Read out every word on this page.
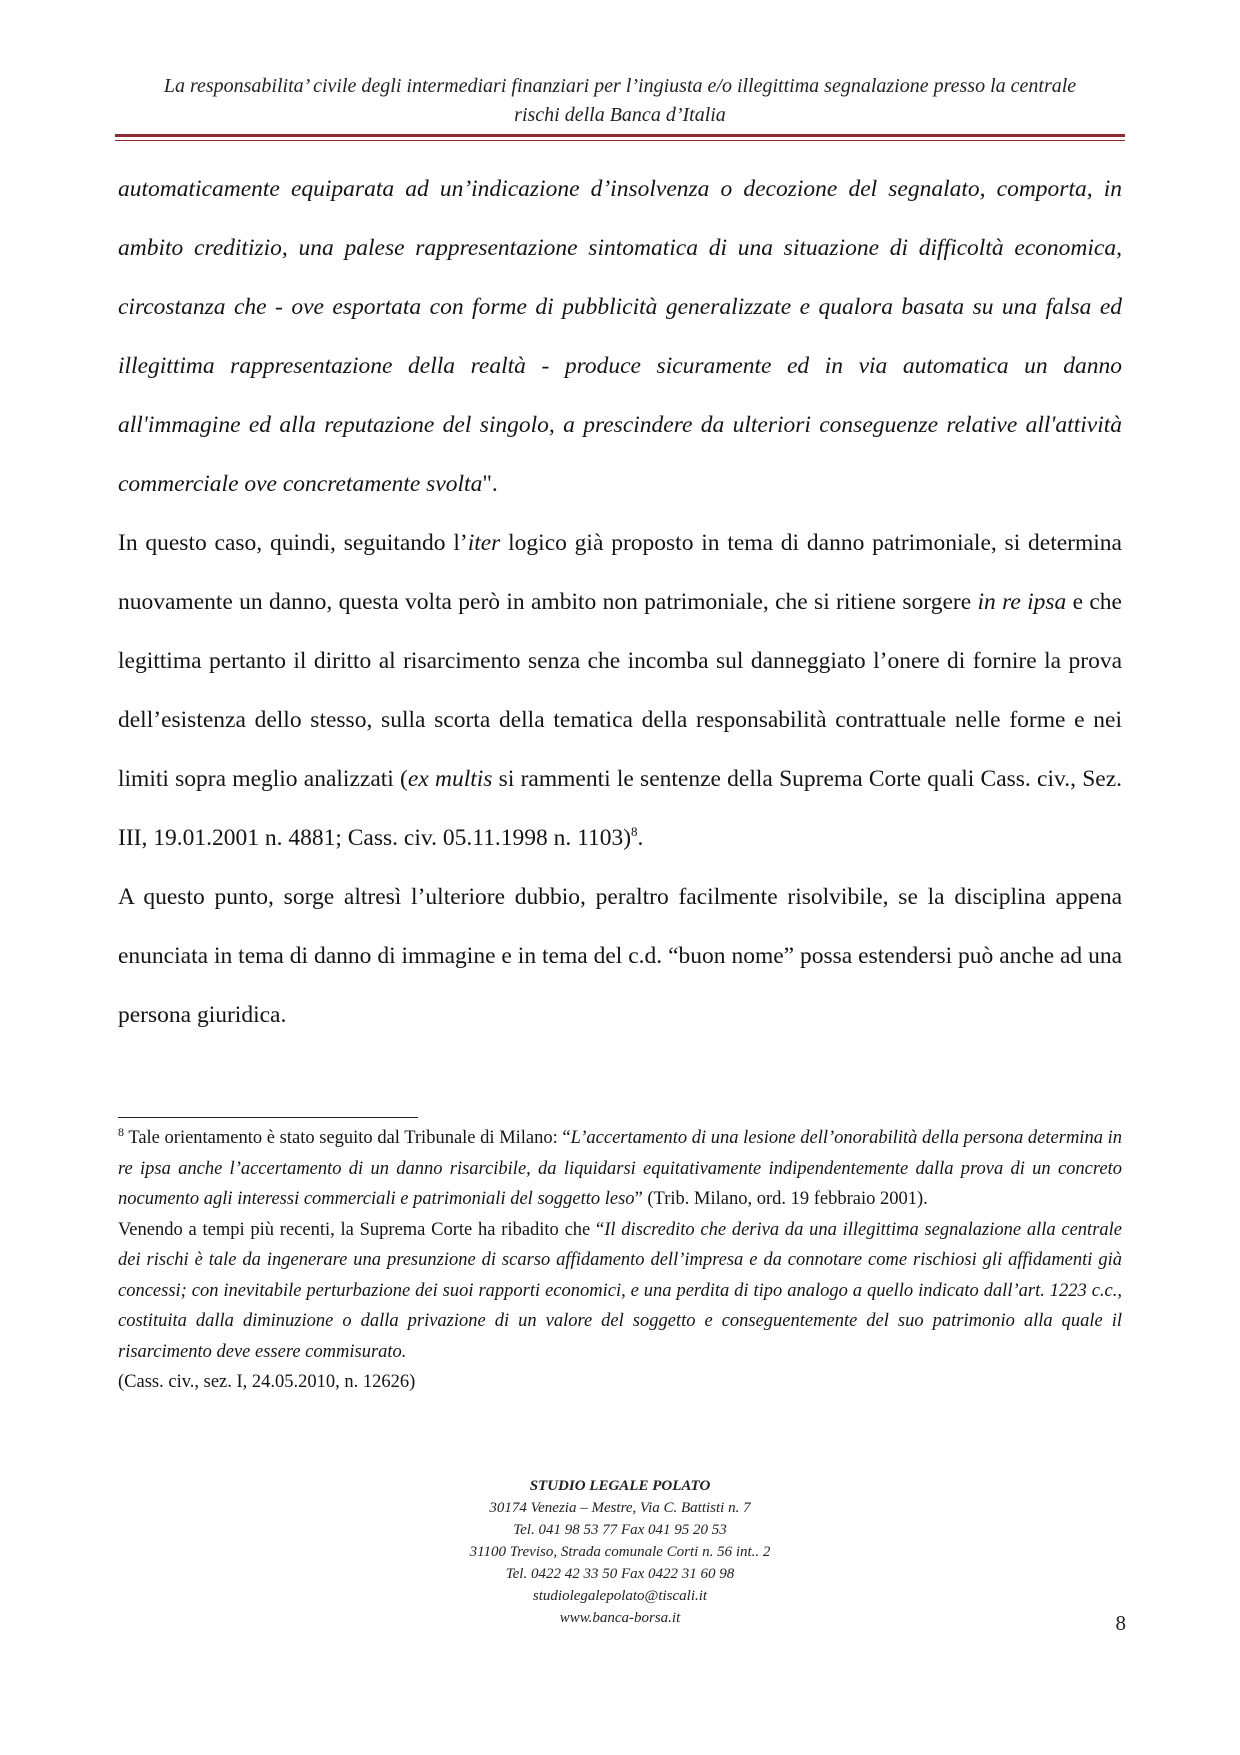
La responsabilita’ civile degli intermediari finanziari per l’ingiusta e/o illegittima segnalazione presso la centrale
rischi della Banca d’Italia

automaticamente equiparata ad un’indicazione d’insolvenza o decozione del segnalato, comporta, in ambito creditizio, una palese rappresentazione sintomatica di una situazione di difficoltà economica, circostanza che - ove esportata con forme di pubblicità generalizzate e qualora basata su una falsa ed illegittima rappresentazione della realtà - produce sicuramente ed in via automatica un danno all'immagine ed alla reputazione del singolo, a prescindere da ulteriori conseguenze relative all'attività commerciale ove concretamente svolta".

In questo caso, quindi, seguitando l’iter logico già proposto in tema di danno patrimoniale, si determina nuovamente un danno, questa volta però in ambito non patrimoniale, che si ritiene sorgere in re ipsa e che legittima pertanto il diritto al risarcimento senza che incomba sul danneggiato l’onere di fornire la prova dell’esistenza dello stesso, sulla scorta della tematica della responsabilità contrattuale nelle forme e nei limiti sopra meglio analizzati (ex multis si rammenti le sentenze della Suprema Corte quali Cass. civ., Sez. III, 19.01.2001 n. 4881; Cass. civ. 05.11.1998 n. 1103)$^8$.

A questo punto, sorge altresì l’ulteriore dubbio, peraltro facilmente risolvibile, se la disciplina appena enunciata in tema di danno di immagine e in tema del c.d. “buon nome” possa estendersi può anche ad una persona giuridica.

$^8$ Tale orientamento è stato seguito dal Tribunale di Milano: “L’accertamento di una lesione dell’onorabilità della persona determina in re ipsa anche l’accertamento di un danno risarcibile, da liquidarsi equitativamente indipendentemente dalla prova di un concreto nocumento agli interessi commerciali e patrimoniali del soggetto leso” (Trib. Milano, ord. 19 febbraio 2001).

Venendo a tempi più recenti, la Suprema Corte ha ribadito che “Il discredito che deriva da una illegittima segnalazione alla centrale dei rischi è tale da ingenerare una presunzione di scarso affidamento dell’impresa e da connotare come rischiosi gli affidamenti già concessi; con inevitabile perturbazione dei suoi rapporti economici, e una perdita di tipo analogo a quello indicato dall’art. 1223 c.c., costituita dalla diminuzione o dalla privazione di un valore del soggetto e conseguentemente del suo patrimonio alla quale il risarcimento deve essere commisurato.

(Cass. civ., sez. I, 24.05.2010, n. 12626)

STUDIO LEGALE POLATO
30174 Venezia – Mestre, Via C. Battisti n. 7
Tel. 041 98 53 77 Fax 041 95 20 53
31100 Treviso, Strada comunale Corti n. 56 int.. 2
Tel. 0422 42 33 50 Fax 0422 31 60 98
studiolegalepolato@tiscali.it
www.banca-borsa.it	8
